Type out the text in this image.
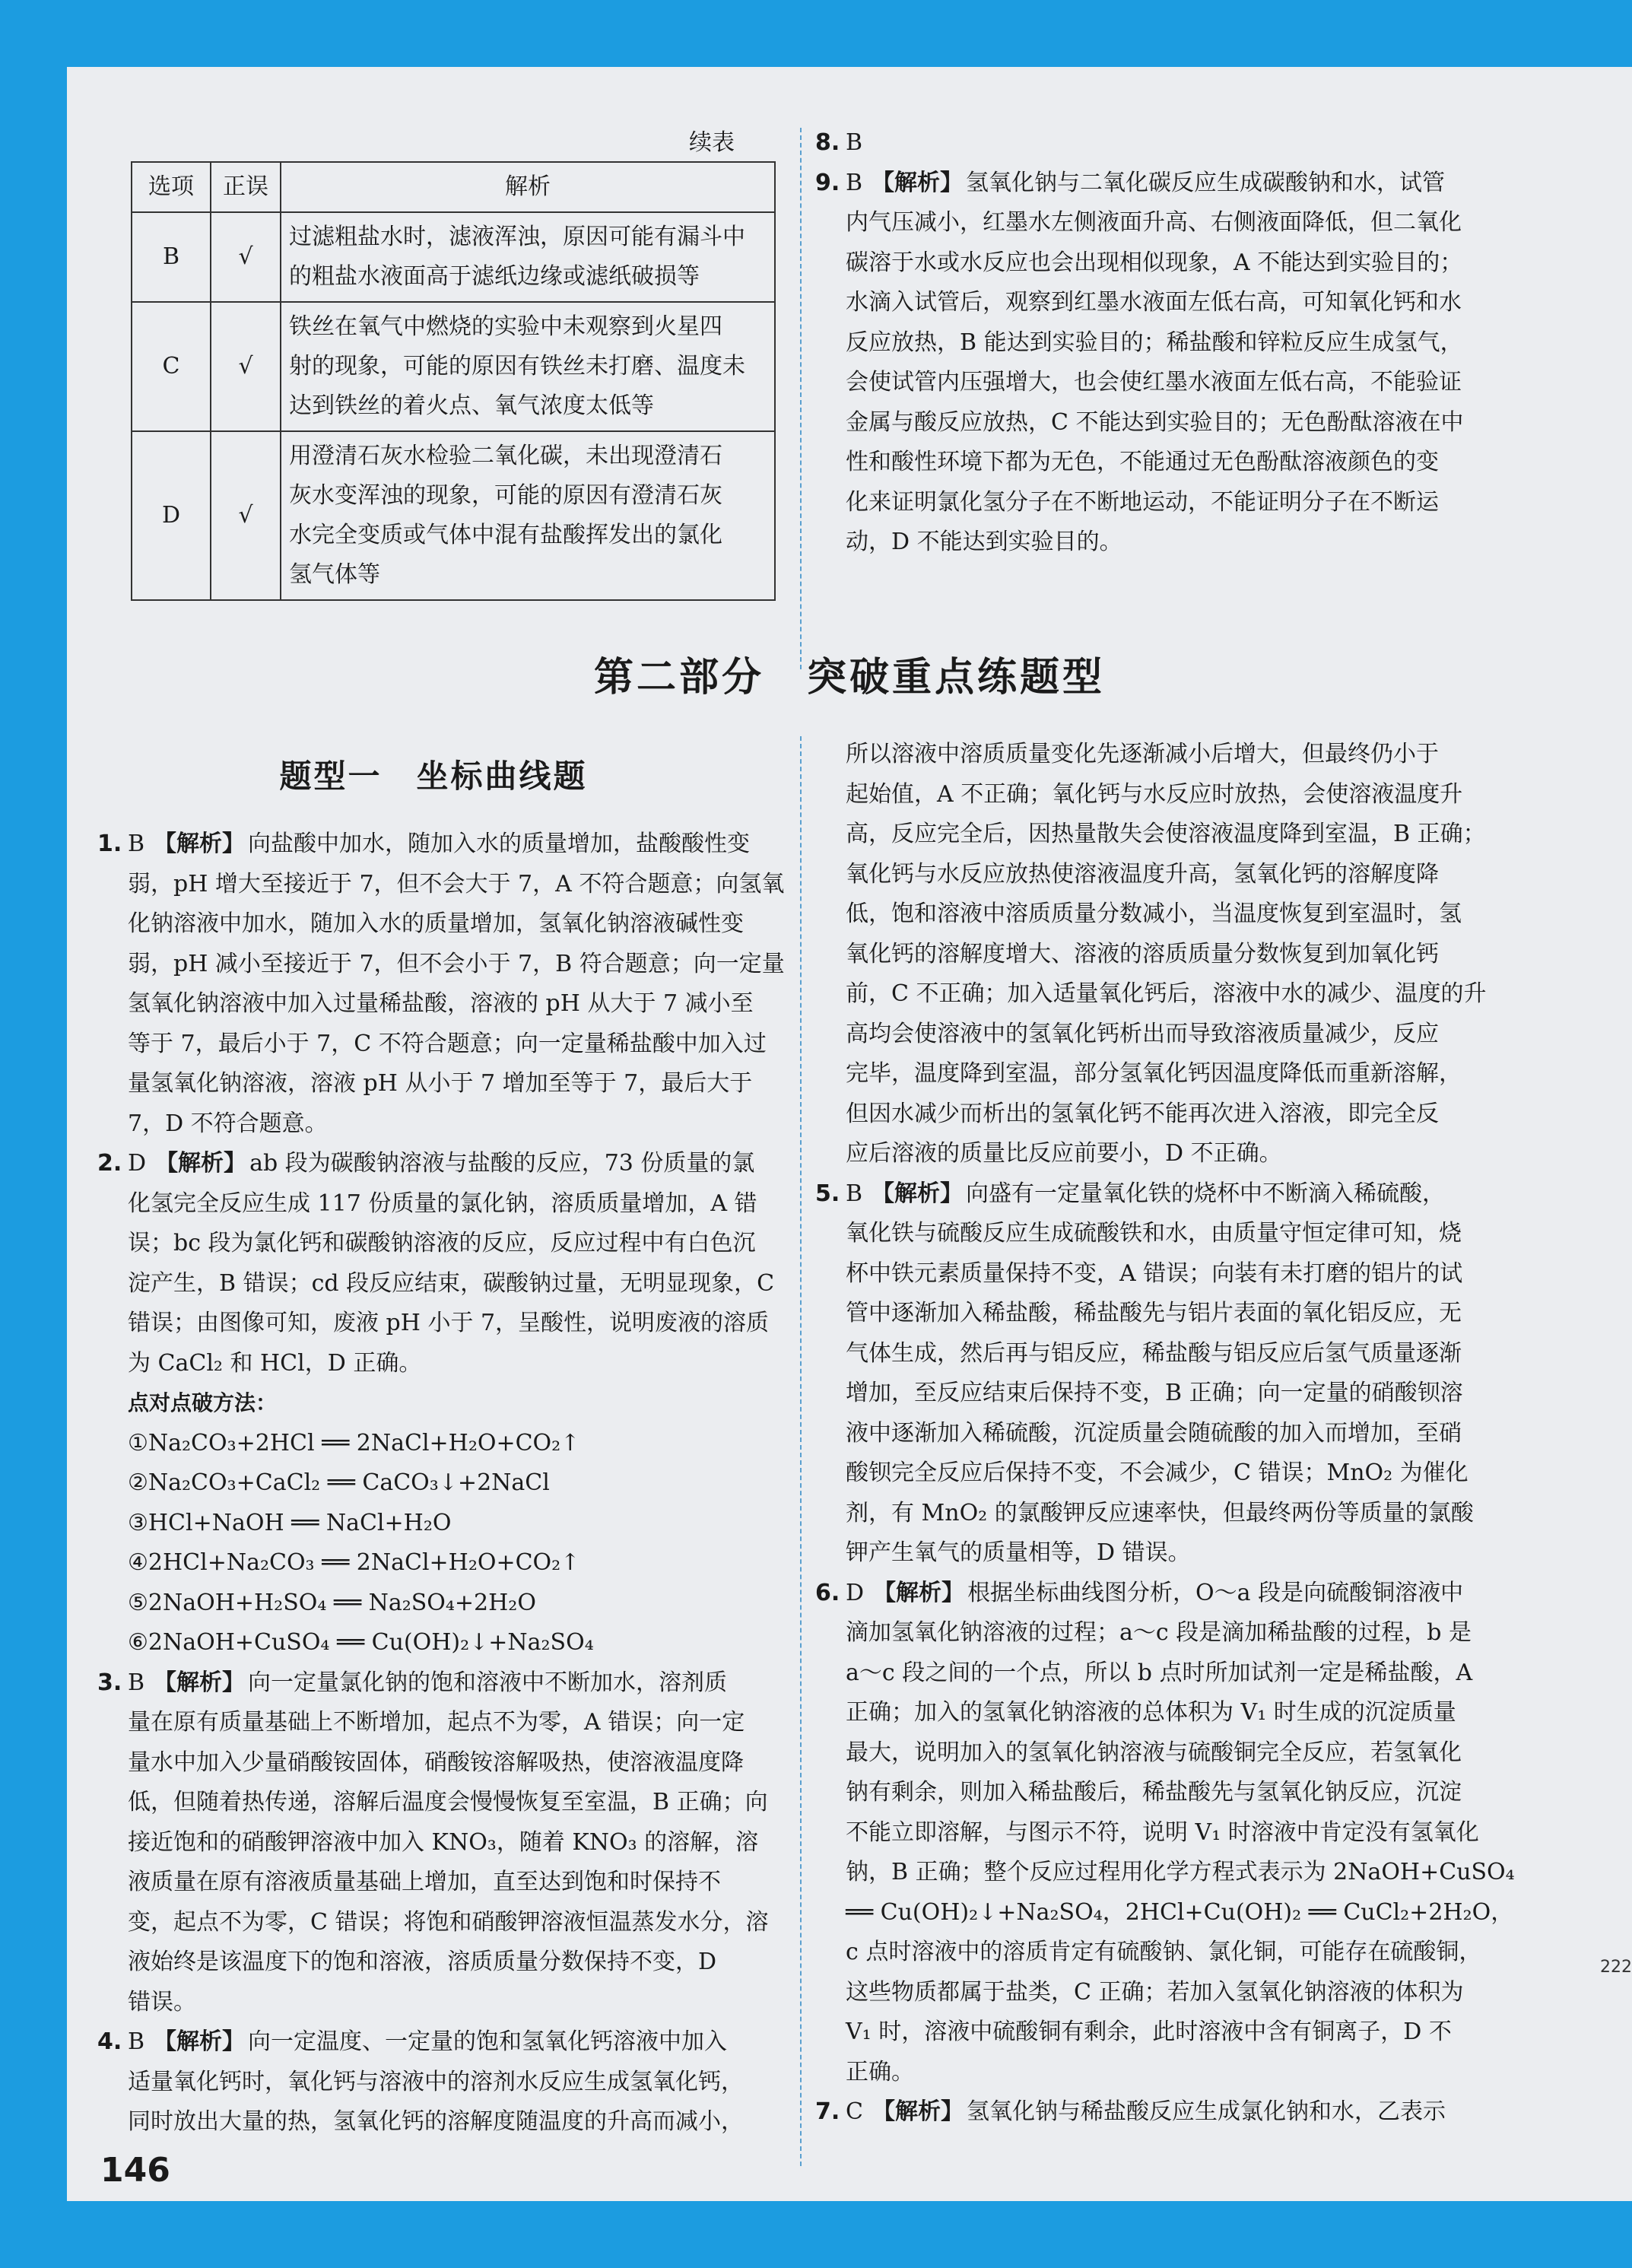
续表
选项	正误	解析
B	√	过滤粗盐水时，滤液浑浊，原因可能有漏斗中
的粗盐水液面高于滤纸边缘或滤纸破损等

C	√	铁丝在氧气中燃烧的实验中未观察到火星四
射的现象，可能的原因有铁丝未打磨、温度未
达到铁丝的着火点、氧气浓度太低等

D	√	用澄清石灰水检验二氧化碳，未出现澄清石
灰水变浑浊的现象，可能的原因有澄清石灰
水完全变质或气体中混有盐酸挥发出的氯化
氢气体等
8. B
9. B 【解析】 氢氧化钠与二氧化碳反应生成碳酸钠和水，试管
内气压减小，红墨水左侧液面升高、右侧液面降低，但二氧化
碳溶于水或水反应也会出现相似现象，A 不能达到实验目的；
水滴入试管后，观察到红墨水液面左低右高，可知氧化钙和水
反应放热，B 能达到实验目的；稀盐酸和锌粒反应生成氢气，
会使试管内压强增大，也会使红墨水液面左低右高，不能验证
金属与酸反应放热，C 不能达到实验目的；无色酚酞溶液在中
性和酸性环境下都为无色，不能通过无色酚酞溶液颜色的变
化来证明氯化氢分子在不断地运动，不能证明分子在不断运
动，D 不能达到实验目的。
第二部分　突破重点练题型
题型一　坐标曲线题
1. B 【解析】 向盐酸中加水，随加入水的质量增加，盐酸酸性变
弱，pH 增大至接近于 7，但不会大于 7，A 不符合题意；向氢氧
化钠溶液中加水，随加入水的质量增加，氢氧化钠溶液碱性变
弱，pH 减小至接近于 7，但不会小于 7，B 符合题意；向一定量
氢氧化钠溶液中加入过量稀盐酸，溶液的 pH 从大于 7 减小至
等于 7，最后小于 7，C 不符合题意；向一定量稀盐酸中加入过
量氢氧化钠溶液，溶液 pH 从小于 7 增加至等于 7，最后大于
7，D 不符合题意。
2. D 【解析】 ab 段为碳酸钠溶液与盐酸的反应，73 份质量的氯
化氢完全反应生成 117 份质量的氯化钠，溶质质量增加，A 错
误；bc 段为氯化钙和碳酸钠溶液的反应，反应过程中有白色沉
淀产生，B 错误；cd 段反应结束，碳酸钠过量，无明显现象，C
错误；由图像可知，废液 pH 小于 7，呈酸性，说明废液的溶质
为 CaCl₂ 和 HCl，D 正确。
点对点破方法：
①Na₂CO₃+2HCl ══ 2NaCl+H₂O+CO₂↑
②Na₂CO₃+CaCl₂ ══ CaCO₃↓+2NaCl
③HCl+NaOH ══ NaCl+H₂O
④2HCl+Na₂CO₃ ══ 2NaCl+H₂O+CO₂↑
⑤2NaOH+H₂SO₄ ══ Na₂SO₄+2H₂O
⑥2NaOH+CuSO₄ ══ Cu(OH)₂↓+Na₂SO₄
3. B 【解析】 向一定量氯化钠的饱和溶液中不断加水，溶剂质
量在原有质量基础上不断增加，起点不为零，A 错误；向一定
量水中加入少量硝酸铵固体，硝酸铵溶解吸热，使溶液温度降
低，但随着热传递，溶解后温度会慢慢恢复至室温，B 正确；向
接近饱和的硝酸钾溶液中加入 KNO₃，随着 KNO₃ 的溶解，溶
液质量在原有溶液质量基础上增加，直至达到饱和时保持不
变，起点不为零，C 错误；将饱和硝酸钾溶液恒温蒸发水分，溶
液始终是该温度下的饱和溶液，溶质质量分数保持不变，D
错误。
4. B 【解析】 向一定温度、一定量的饱和氢氧化钙溶液中加入
适量氧化钙时，氧化钙与溶液中的溶剂水反应生成氢氧化钙，
同时放出大量的热，氢氧化钙的溶解度随温度的升高而减小，
所以溶液中溶质质量变化先逐渐减小后增大，但最终仍小于
起始值，A 不正确；氧化钙与水反应时放热，会使溶液温度升
高，反应完全后，因热量散失会使溶液温度降到室温，B 正确；
氧化钙与水反应放热使溶液温度升高，氢氧化钙的溶解度降
低，饱和溶液中溶质质量分数减小，当温度恢复到室温时，氢
氧化钙的溶解度增大、溶液的溶质质量分数恢复到加氧化钙
前，C 不正确；加入适量氧化钙后，溶液中水的减少、温度的升
高均会使溶液中的氢氧化钙析出而导致溶液质量减少，反应
完毕，温度降到室温，部分氢氧化钙因温度降低而重新溶解，
但因水减少而析出的氢氧化钙不能再次进入溶液，即完全反
应后溶液的质量比反应前要小，D 不正确。
5. B 【解析】 向盛有一定量氧化铁的烧杯中不断滴入稀硫酸，
氧化铁与硫酸反应生成硫酸铁和水，由质量守恒定律可知，烧
杯中铁元素质量保持不变，A 错误；向装有未打磨的铝片的试
管中逐渐加入稀盐酸，稀盐酸先与铝片表面的氧化铝反应，无
气体生成，然后再与铝反应，稀盐酸与铝反应后氢气质量逐渐
增加，至反应结束后保持不变，B 正确；向一定量的硝酸钡溶
液中逐渐加入稀硫酸，沉淀质量会随硫酸的加入而增加，至硝
酸钡完全反应后保持不变，不会减少，C 错误；MnO₂ 为催化
剂，有 MnO₂ 的氯酸钾反应速率快，但最终两份等质量的氯酸
钾产生氧气的质量相等，D 错误。
6. D 【解析】 根据坐标曲线图分析，O～a 段是向硫酸铜溶液中
滴加氢氧化钠溶液的过程；a～c 段是滴加稀盐酸的过程，b 是
a～c 段之间的一个点，所以 b 点时所加试剂一定是稀盐酸，A
正确；加入的氢氧化钠溶液的总体积为 V₁ 时生成的沉淀质量
最大，说明加入的氢氧化钠溶液与硫酸铜完全反应，若氢氧化
钠有剩余，则加入稀盐酸后，稀盐酸先与氢氧化钠反应，沉淀
不能立即溶解，与图示不符，说明 V₁ 时溶液中肯定没有氢氧化
钠，B 正确；整个反应过程用化学方程式表示为 2NaOH+CuSO₄
══ Cu(OH)₂↓+Na₂SO₄，2HCl+Cu(OH)₂ ══ CuCl₂+2H₂O，
c 点时溶液中的溶质肯定有硫酸钠、氯化铜，可能存在硫酸铜，
这些物质都属于盐类，C 正确；若加入氢氧化钠溶液的体积为
V₁ 时，溶液中硫酸铜有剩余，此时溶液中含有铜离子，D 不
正确。
7. C 【解析】 氢氧化钠与稀盐酸反应生成氯化钠和水，乙表示
146
222
